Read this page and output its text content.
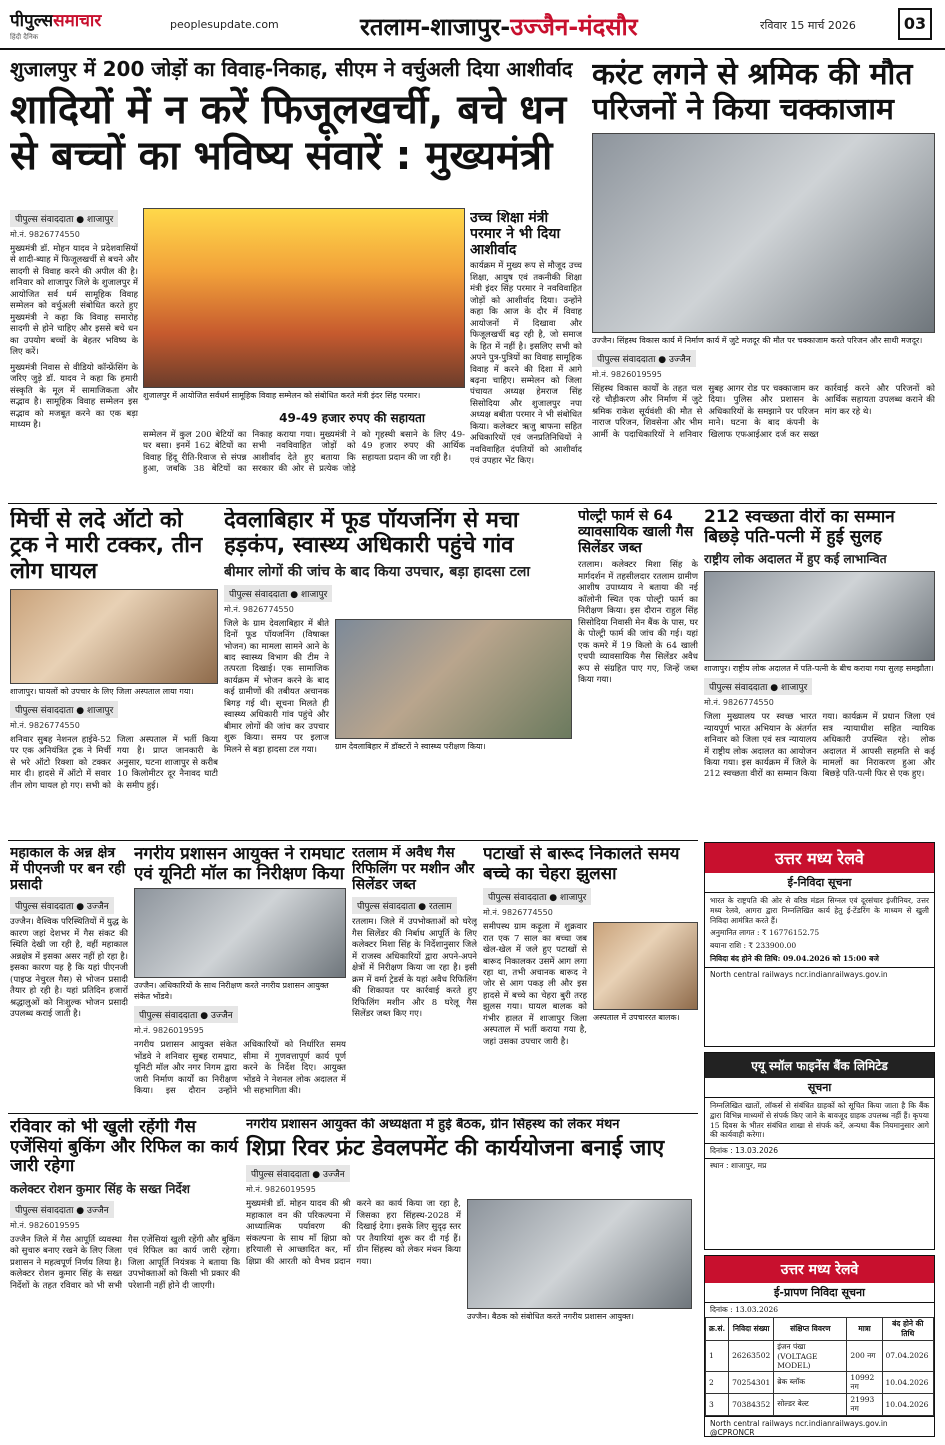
पीपुल्ससमाचार
हिंदी दैनिक
peoplesupdate.com	रतलाम-शाजापुर-उज्जैन-मंदसौर	रविवार 15 मार्च 2026	03
शुजालपुर में 200 जोड़ों का विवाह-निकाह, सीएम ने वर्चुअली दिया आशीर्वाद
शादियों में न करें फिजूलखर्ची, बचे धन से बच्चों का भविष्य संवारें : मुख्यमंत्री
पीपुल्स संवाददाता ● शाजापुर
मो.नं. 9826774550
मुख्यमंत्री डॉ. मोहन यादव ने प्रदेशवासियों से शादी-ब्याह में फिजूलखर्ची से बचने और सादगी से विवाह करने की अपील की है। शनिवार को शाजापुर जिले के शुजालपुर में आयोजित सर्व धर्म सामूहिक विवाह सम्मेलन को वर्चुअली संबोधित करते हुए मुख्यमंत्री ने कहा कि विवाह समारोह सादगी से होने चाहिए और इससे बचे धन का उपयोग बच्चों के बेहतर भविष्य के लिए करें।
मुख्यमंत्री निवास से वीडियो कॉन्फ्रेंसिंग के जरिए जुड़े डॉ. यादव ने कहा कि हमारी संस्कृति के मूल में सामाजिकता और सद्भाव है। सामूहिक विवाह सम्मेलन इस सद्भाव को मजबूत करने का एक बड़ा माध्यम है।
शुजालपुर में आयोजित सर्वधर्म सामूहिक विवाह सम्मेलन को संबोधित करते मंत्री इंदर सिंह परमार।
49-49 हजार रुपए की सहायता
सम्मेलन में कुल 200 बेटियों का घर बसा। इनमें 162 बेटियों का विवाह हिंदू रीति-रिवाज से संपन्न हुआ, जबकि 38 बेटियों का निकाह कराया गया। मुख्यमंत्री ने सभी नवविवाहित जोड़ों को आशीर्वाद देते हुए बताया कि सरकार की ओर से प्रत्येक जोड़े को गृहस्थी बसाने के लिए 49-49 हजार रुपए की आर्थिक सहायता प्रदान की जा रही है।
उच्च शिक्षा मंत्री परमार ने भी दिया आशीर्वाद
कार्यक्रम में मुख्य रूप से मौजूद उच्च शिक्षा, आयुष एवं तकनीकी शिक्षा मंत्री इंदर सिंह परमार ने नवविवाहित जोड़ों को आशीर्वाद दिया। उन्होंने कहा कि आज के दौर में विवाह आयोजनों में दिखावा और फिजूलखर्ची बढ़ रही है, जो समाज के हित में नहीं है। इसलिए सभी को अपने पुत्र-पुत्रियों का विवाह सामूहिक विवाह में करने की दिशा में आगे बढ़ना चाहिए। सम्मेलन को जिला पंचायत अध्यक्ष हेमराज सिंह सिसोदिया और शुजालपुर नपा अध्यक्ष बबीता परमार ने भी संबोधित किया। कलेक्टर ऋजु बाफना सहित अधिकारियों एवं जनप्रतिनिधियों ने नवविवाहित दंपतियों को आशीर्वाद एवं उपहार भेंट किए।
करंट लगने से श्रमिक की मौत परिजनों ने किया चक्काजाम
उज्जैन। सिंहस्थ विकास कार्य में निर्माण कार्य में जुटे मजदूर की मौत पर चक्काजाम करते परिजन और साथी मजदूर।
पीपुल्स संवाददाता ● उज्जैन
मो.नं. 9826019595
सिंहस्थ विकास कार्यों के तहत चल रहे चौड़ीकरण और निर्माण में जुटे श्रमिक राकेश सूर्यवंशी की मौत से नाराज परिजन, शिवसेना और भीम आर्मी के पदाधिकारियों ने शनिवार सुबह आगर रोड पर चक्काजाम कर दिया। पुलिस और प्रशासन के अधिकारियों के समझाने पर परिजन माने। घटना के बाद कंपनी के खिलाफ एफआईआर दर्ज कर सख्त कार्रवाई करने और परिजनों को आर्थिक सहायता उपलब्ध कराने की मांग कर रहे थे।
मिर्ची से लदे ऑटो को ट्रक ने मारी टक्कर, तीन लोग घायल
शाजापुर। घायलों को उपचार के लिए जिला अस्पताल लाया गया।
पीपुल्स संवाददाता ● शाजापुर
मो.नं. 9826774550
शनिवार सुबह नेशनल हाईवे-52 पर एक अनियंत्रित ट्रक ने मिर्ची से भरे ऑटो रिक्शा को टक्कर मार दी। हादसे में ऑटो में सवार तीन लोग घायल हो गए। सभी को जिला अस्पताल में भर्ती किया गया है। प्राप्त जानकारी के अनुसार, घटना शाजापुर से करीब 10 किलोमीटर दूर नैनावद घाटी के समीप हुई।
देवलाबिहार में फूड पॉयजनिंग से मचा हड़कंप, स्वास्थ्य अधिकारी पहुंचे गांव
बीमार लोगों की जांच के बाद किया उपचार, बड़ा हादसा टला
पीपुल्स संवाददाता ● शाजापुर
मो.नं. 9826774550
जिले के ग्राम देवलाबिहार में बीते दिनों फूड पॉयजनिंग (विषाक्त भोजन) का मामला सामने आने के बाद स्वास्थ्य विभाग की टीम ने तत्परता दिखाई। एक सामाजिक कार्यक्रम में भोजन करने के बाद कई ग्रामीणों की तबीयत अचानक बिगड़ गई थी। सूचना मिलते ही स्वास्थ्य अधिकारी गांव पहुंचे और बीमार लोगों की जांच कर उपचार शुरू किया। समय पर इलाज मिलने से बड़ा हादसा टल गया।	ग्राम देवलाबिहार में डॉक्टरों ने स्वास्थ्य परीक्षण किया।
पोल्ट्री फार्म से 64 व्यावसायिक खाली गैस सिलेंडर जब्त
रतलाम। कलेक्टर मिशा सिंह के मार्गदर्शन में तहसीलदार रतलाम ग्रामीण आशीष उपाध्याय ने बताया की नई कॉलोनी स्थित एक पोल्ट्री फार्म का निरीक्षण किया। इस दौरान राहुल सिंह सिसोदिया निवासी मेन बैंक के पास, घर के पोल्ट्री फार्म की जांच की गई। यहां एक कमरे में 19 किलो के 64 खाली एचपी व्यावसायिक गैस सिलेंडर अवैध रूप से संग्रहित पाए गए, जिन्हें जब्त किया गया।
212 स्वच्छता वीरों का सम्मान बिछड़े पति-पत्नी में हुई सुलह
राष्ट्रीय लोक अदालत में हुए कई लाभान्वित
शाजापुर। राष्ट्रीय लोक अदालत में पति-पत्नी के बीच कराया गया सुलह समझौता।
पीपुल्स संवाददाता ● शाजापुर
मो.नं. 9826774550
जिला मुख्यालय पर स्वच्छ भारत न्यायपूर्ण भारत अभियान के अंतर्गत शनिवार को जिला एवं सत्र न्यायालय में राष्ट्रीय लोक अदालत का आयोजन किया गया। इस कार्यक्रम में जिले के 212 स्वच्छता वीरों का सम्मान किया गया। कार्यक्रम में प्रधान जिला एवं सत्र न्यायाधीश सहित न्यायिक अधिकारी उपस्थित रहे। लोक अदालत में आपसी सहमति से कई मामलों का निराकरण हुआ और बिछड़े पति-पत्नी फिर से एक हुए।
महाकाल के अन्न क्षेत्र में पीएनजी पर बन रही प्रसादी
पीपुल्स संवाददाता ● उज्जैन
उज्जैन। वैश्विक परिस्थितियों में युद्ध के कारण जहां देशभर में गैस संकट की स्थिति देखी जा रही है, वहीं महाकाल अन्नक्षेत्र में इसका असर नहीं हो रहा है। इसका कारण यह है कि यहां पीएनजी (पाइप्ड नेचुरल गैस) से भोजन प्रसादी तैयार हो रही है। यहां प्रतिदिन हजारों श्रद्धालुओं को निःशुल्क भोजन प्रसादी उपलब्ध कराई जाती है।
नगरीय प्रशासन आयुक्त ने रामघाट एवं यूनिटी मॉल का निरीक्षण किया
उज्जैन। अधिकारियों के साथ निरीक्षण करते नगरीय प्रशासन आयुक्त संकेत भोंडवे।
पीपुल्स संवाददाता ● उज्जैन
मो.नं. 9826019595
नगरीय प्रशासन आयुक्त संकेत भोंडवे ने शनिवार सुबह रामघाट, यूनिटी मॉल और नगर निगम द्वारा जारी निर्माण कार्यों का निरीक्षण किया। इस दौरान उन्होंने अधिकारियों को निर्धारित समय सीमा में गुणवत्तापूर्ण कार्य पूर्ण करने के निर्देश दिए। आयुक्त भोंडवे ने नेशनल लोक अदालत में भी सहभागिता की।
रतलाम में अवैध गैस रिफिलिंग पर मशीन और सिलेंडर जब्त
पीपुल्स संवाददाता ● रतलाम
रतलाम। जिले में उपभोक्ताओं को घरेलू गैस सिलेंडर की निर्बाध आपूर्ति के लिए कलेक्टर मिशा सिंह के निर्देशानुसार जिले में राजस्व अधिकारियों द्वारा अपने-अपने क्षेत्रों में निरीक्षण किया जा रहा है। इसी क्रम में वर्मा ट्रेडर्स के यहां अवैध रिफिलिंग की शिकायत पर कार्रवाई करते हुए रिफिलिंग मशीन और 8 घरेलू गैस सिलेंडर जब्त किए गए।
पटाखों से बारूद निकालते समय बच्चे का चेहरा झुलसा
पीपुल्स संवाददाता ● शाजापुर
मो.नं. 9826774550
समीपस्थ ग्राम कढ़ूला में शुक्रवार रात एक 7 साल का बच्चा जब खेल-खेल में जले हुए पटाखों से बारूद निकालकर उसमें आग लगा रहा था, तभी अचानक बारूद ने जोर से आग पकड़ ली और इस हादसे में बच्चे का चेहरा बुरी तरह झुलस गया। घायल बालक को गंभीर हालत में शाजापुर जिला अस्पताल में भर्ती कराया गया है, जहां उसका उपचार जारी है।
अस्पताल में उपचाररत बालक।
रविवार को भी खुली रहेंगी गैस एजेंसियां बुकिंग और रिफिल का कार्य जारी रहेगा
कलेक्टर रोशन कुमार सिंह के सख्त निर्देश
पीपुल्स संवाददाता ● उज्जैन
मो.नं. 9826019595
उज्जैन जिले में गैस आपूर्ति व्यवस्था को सुचारु बनाए रखने के लिए जिला प्रशासन ने महत्वपूर्ण निर्णय लिया है। कलेक्टर रोशन कुमार सिंह के सख्त निर्देशों के तहत रविवार को भी सभी गैस एजेंसियां खुली रहेंगी और बुकिंग एवं रिफिल का कार्य जारी रहेगा। जिला आपूर्ति नियंत्रक ने बताया कि उपभोक्ताओं को किसी भी प्रकार की परेशानी नहीं होने दी जाएगी।
नगरीय प्रशासन आयुक्त की अध्यक्षता में हुई बैठक, ग्रीन सिंहस्थ को लेकर मंथन
शिप्रा रिवर फ्रंट डेवलपमेंट की कार्ययोजना बनाई जाए
पीपुल्स संवाददाता ● उज्जैन
मो.नं. 9826019595
मुख्यमंत्री डॉ. मोहन यादव की श्री महाकाल वन की परिकल्पना में आध्यात्मिक पर्यावरण की संकल्पना के साथ माँ क्षिप्रा को हरियाली से आच्छादित कर, माँ क्षिप्रा की आरती को वैभव प्रदान करने का कार्य किया जा रहा है, जिसका हरा सिंहस्थ-2028 में दिखाई देगा। इसके लिए सुदृढ़ स्तर पर तैयारियां शुरू कर दी गई हैं। ग्रीन सिंहस्थ को लेकर मंथन किया गया।
उज्जैन। बैठक को संबोधित करते नगरीय प्रशासन आयुक्त।
उत्तर मध्य रेलवे
ई-निविदा सूचना
भारत के राष्ट्रपति की ओर से वरिष्ठ मंडल सिग्नल एवं दूरसंचार इंजीनियर, उत्तर मध्य रेलवे, आगरा द्वारा निम्नलिखित कार्य हेतु ई-टेंडरिंग के माध्यम से खुली निविदा आमंत्रित करते हैं।
अनुमानित लागत : ₹ 16776152.75
बयाना राशि : ₹ 233900.00
निविदा बंद होने की तिथि: 09.04.2026 को 15:00 बजे
North central railways ncr.indianrailways.gov.in
एयू स्मॉल फाइनेंस बैंक लिमिटेड
सूचना
निम्नलिखित खातों, लॉकर्स से संबंधित ग्राहकों को सूचित किया जाता है कि बैंक द्वारा विभिन्न माध्यमों से संपर्क किए जाने के बावजूद ग्राहक उपलब्ध नहीं हैं। कृपया 15 दिवस के भीतर संबंधित शाखा से संपर्क करें, अन्यथा बैंक नियमानुसार आगे की कार्यवाही करेगा।
दिनांक : 13.03.2026
स्थान : शाजापुर, मप्र
उत्तर मध्य रेलवे
ई-प्रापण निविदा सूचना
दिनांक : 13.03.2026
क्र.सं.	निविदा संख्या	संक्षिप्त विवरण	मात्रा	बंद होने की तिथि
1	26263502	इंजन पंखा (VOLTAGE MODEL)	200 नग	07.04.2026
2	70254301	ब्रेक ब्लॉक	10992 नग	10.04.2026
3	70384352	सोल्डर बेल्ट	21993 नग	10.04.2026
North central railways ncr.indianrailways.gov.in @CPRONCR
